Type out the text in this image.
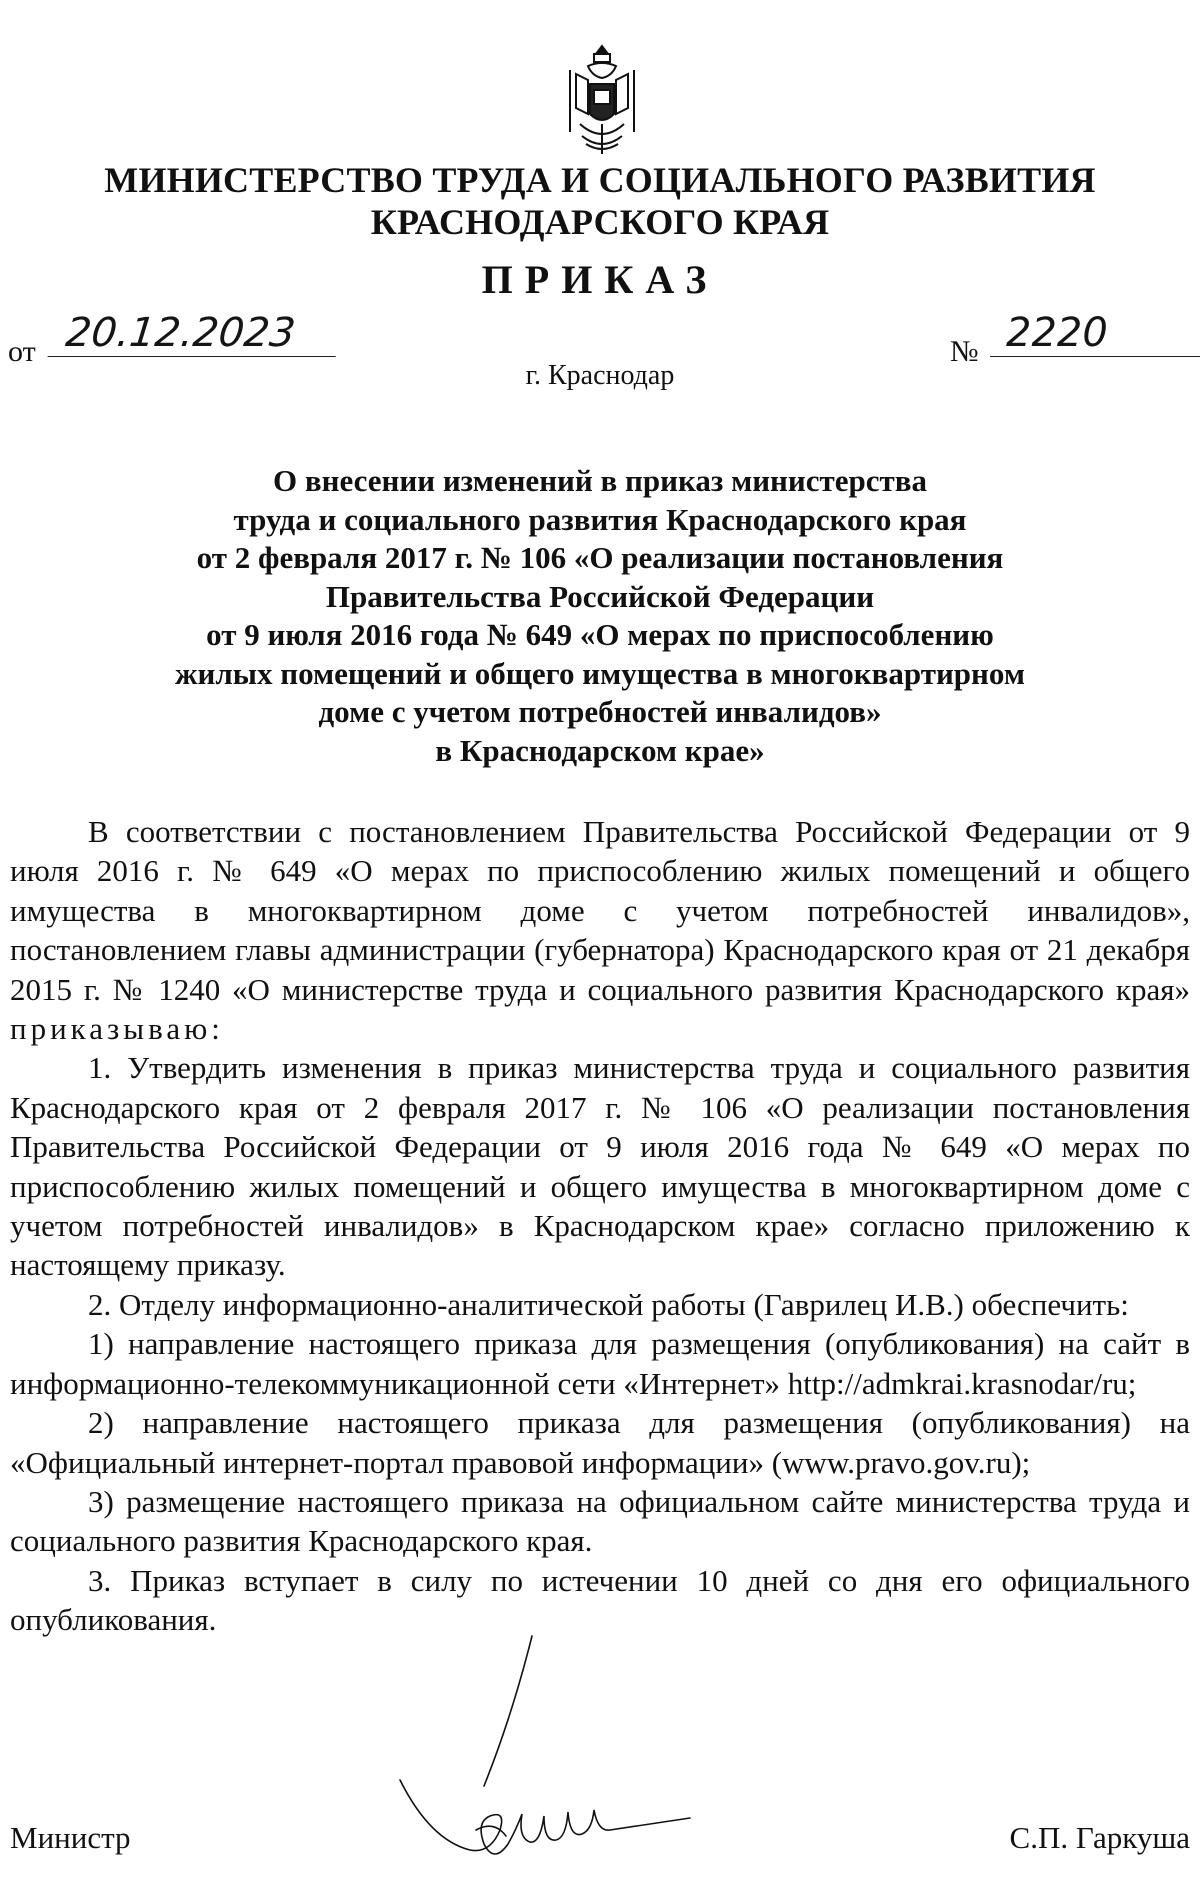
МИНИСТЕРСТВО ТРУДА И СОЦИАЛЬНОГО РАЗВИТИЯ
КРАСНОДАРСКОГО КРАЯ
ПРИКАЗ
от 20.12.2023	№ 2220
г. Краснодар
О внесении изменений в приказ министерства
труда и социального развития Краснодарского края
от 2 февраля 2017 г. № 106 «О реализации постановления
Правительства Российской Федерации
от 9 июля 2016 года № 649 «О мерах по приспособлению
жилых помещений и общего имущества в многоквартирном
доме с учетом потребностей инвалидов»
в Краснодарском крае»
В соответствии с постановлением Правительства Российской Федерации от 9 июля 2016 г. № 649 «О мерах по приспособлению жилых помещений и общего имущества в многоквартирном доме с учетом потребностей инвалидов», постановлением главы администрации (губернатора) Краснодарского края от 21 декабря 2015 г. № 1240 «О министерстве труда и социального развития Краснодарского края» приказываю:
1. Утвердить изменения в приказ министерства труда и социального развития Краснодарского края от 2 февраля 2017 г. № 106 «О реализации постановления Правительства Российской Федерации от 9 июля 2016 года № 649 «О мерах по приспособлению жилых помещений и общего имущества в многоквартирном доме с учетом потребностей инвалидов» в Краснодарском крае» согласно приложению к настоящему приказу.
2. Отделу информационно-аналитической работы (Гаврилец И.В.) обеспечить:
1) направление настоящего приказа для размещения (опубликования) на сайт в информационно-телекоммуникационной сети «Интернет» http://admkrai.krasnodar/ru;
2) направление настоящего приказа для размещения (опубликования) на «Официальный интернет-портал правовой информации» (www.pravo.gov.ru);
3) размещение настоящего приказа на официальном сайте министерства труда и социального развития Краснодарского края.
3. Приказ вступает в силу по истечении 10 дней со дня его официального опубликования.
Министр	С.П. Гаркуша
